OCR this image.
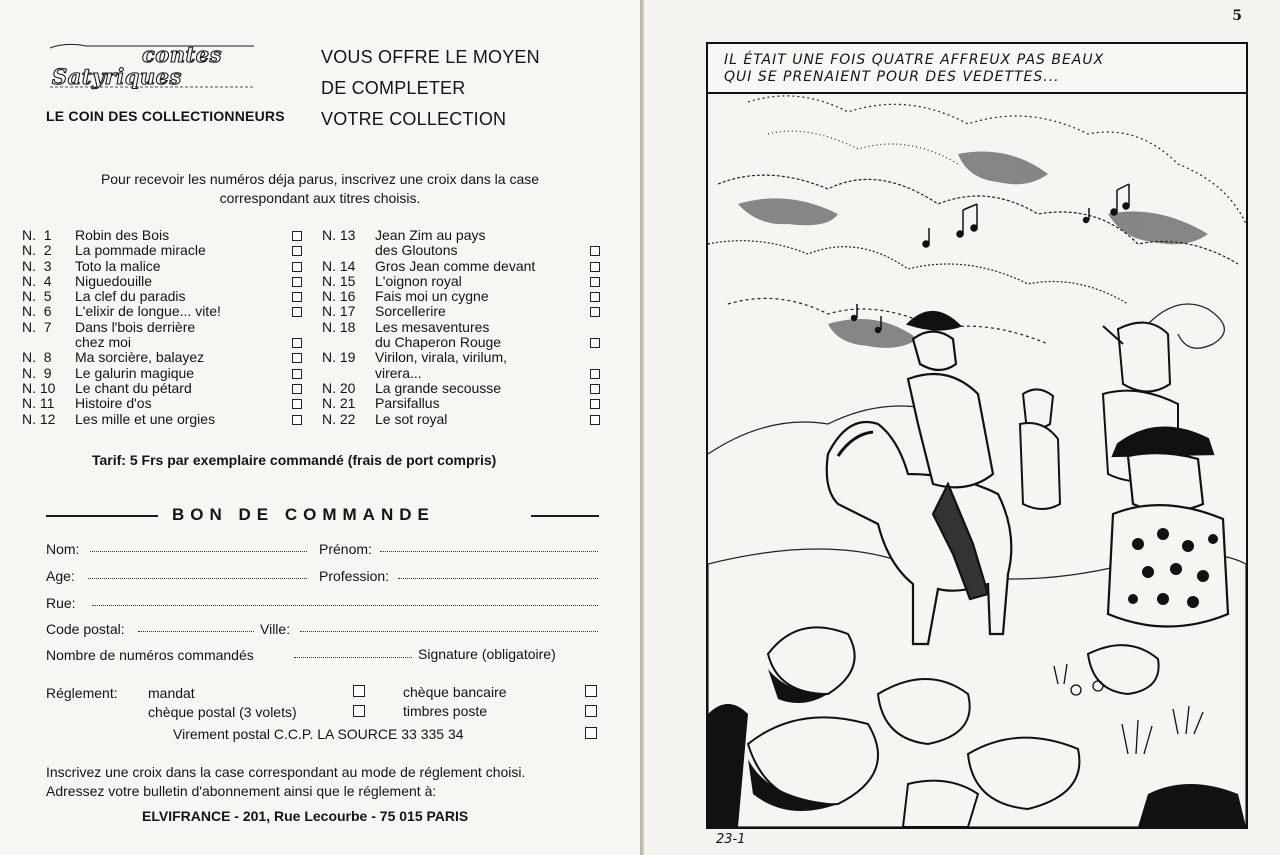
contes
Satyriques
LE COIN DES COLLECTIONNEURS
VOUS OFFRE LE MOYEN
DE COMPLETER
VOTRE COLLECTION
Pour recevoir les numéros déja parus, inscrivez une croix dans la case
correspondant aux titres choisis.
N.  1	Robin des Bois
N.  2	La pommade miracle
N.  3	Toto la malice
N.  4	Niguedouille
N.  5	La clef du paradis
N.  6	L'elixir de longue... vite!
N.  7	Dans l'bois derrière
chez moi
N.  8	Ma sorcière, balayez
N.  9	Le galurin magique
N. 10	Le chant du pétard
N. 11	Histoire d'os
N. 12	Les mille et une orgies
N. 13	Jean Zim au pays
des Gloutons
N. 14	Gros Jean comme devant
N. 15	L'oignon royal
N. 16	Fais moi un cygne
N. 17	Sorcellerire
N. 18	Les mesaventures
du Chaperon Rouge
N. 19	Virilon, virala, virilum,
virera...
N. 20	La grande secousse
N. 21	Parsifallus
N. 22	Le sot royal
Tarif: 5 Frs par exemplaire commandé (frais de port compris)
BON DE COMMANDE
Nom:	Prénom:
Age:	Profession:
Rue:
Code postal:	Ville:
Nombre de numéros commandés	Signature (obligatoire)
Réglement: mandat	chèque bancaire
chèque postal (3 volets)	timbres poste
Virement postal C.C.P. LA SOURCE 33 335 34
Inscrivez une croix dans la case correspondant au mode de réglement choisi.
Adressez votre bulletin d'abonnement ainsi que le réglement à:
ELVIFRANCE - 201, Rue Lecourbe - 75 015 PARIS
5
IL ÉTAIT UNE FOIS QUATRE AFFREUX PAS BEAUX
QUI SE PRENAIENT POUR DES VEDETTES...
23-1
